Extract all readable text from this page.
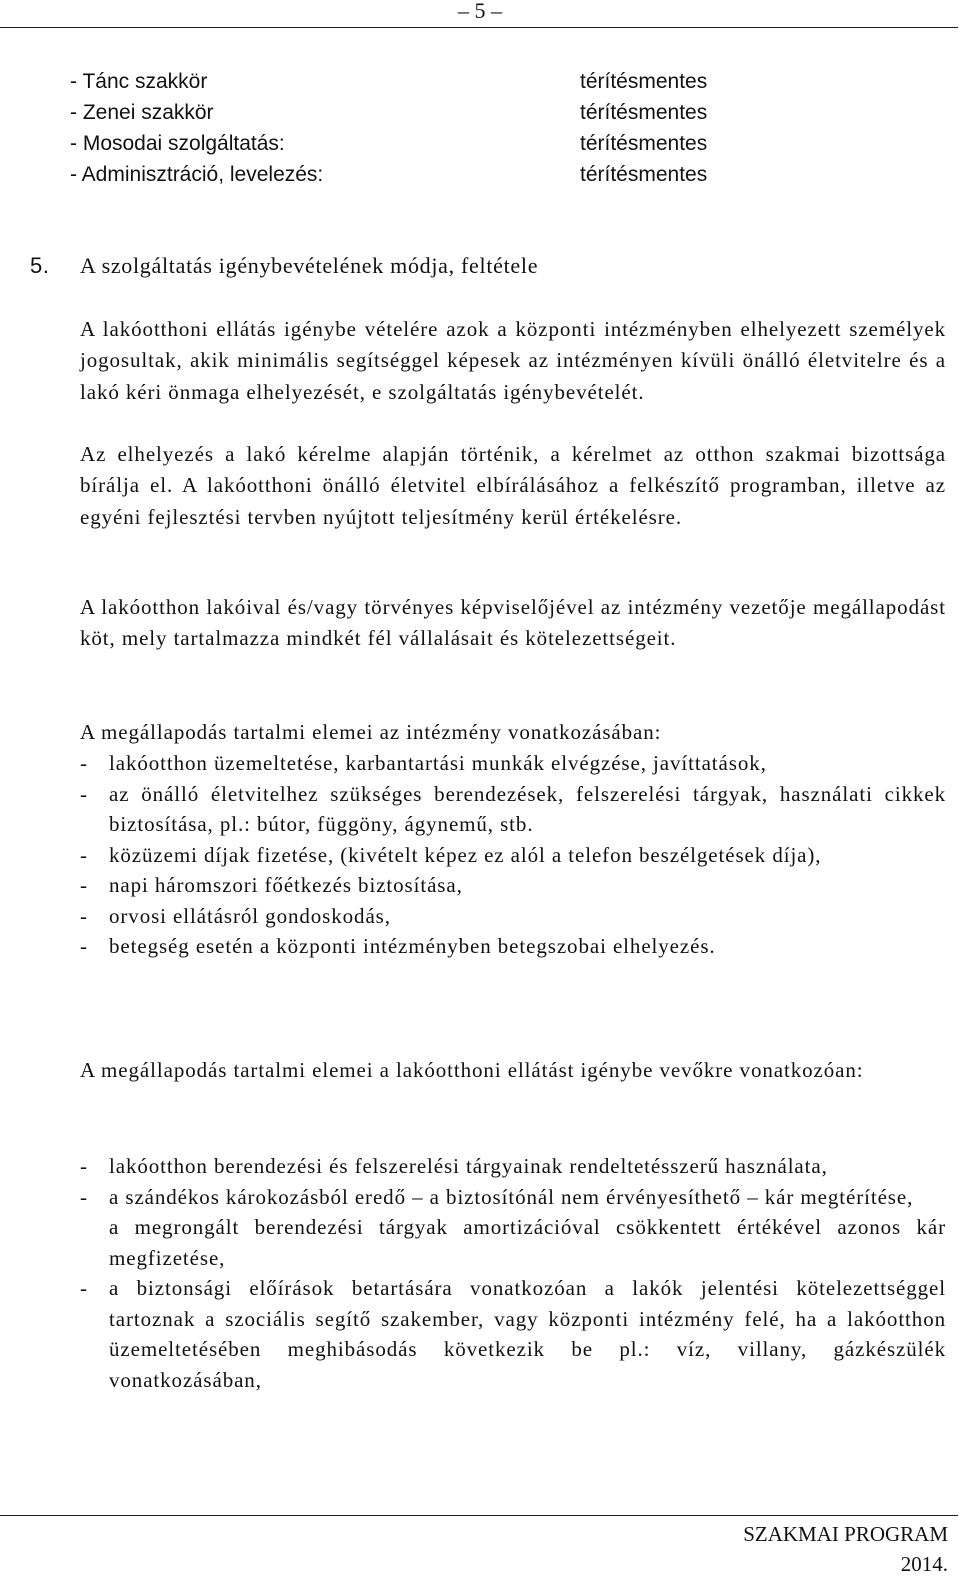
– 5 –
- Tánc szakkör	térítésmentes
- Zenei szakkör	térítésmentes
- Mosodai szolgáltatás:	térítésmentes
- Adminisztráció, levelezés:	térítésmentes
5. A szolgáltatás igénybevételének módja, feltétele

A lakóotthoni ellátás igénybe vételére azok a központi intézményben elhelyezett személyek jogosultak, akik minimális segítséggel képesek az intézményen kívüli önálló életvitelre és a lakó kéri önmaga elhelyezését, e szolgáltatás igénybevételét.

Az elhelyezés a lakó kérelme alapján történik, a kérelmet az otthon szakmai bizottsága bírálja el. A lakóotthoni önálló életvitel elbírálásához a felkészítő programban, illetve az egyéni fejlesztési tervben nyújtott teljesítmény kerül értékelésre.

A lakóotthon lakóival és/vagy törvényes képviselőjével az intézmény vezetője megállapodást köt, mely tartalmazza mindkét fél vállalásait és kötelezettségeit.

A megállapodás tartalmi elemei az intézmény vonatkozásában:

- lakóotthon üzemeltetése, karbantartási munkák elvégzése, javíttatások,
- az önálló életvitelhez szükséges berendezések, felszerelési tárgyak, használati cikkek biztosítása, pl.: bútor, függöny, ágynemű, stb.
- közüzemi díjak fizetése, (kivételt képez ez alól a telefon beszélgetések díja),
- napi háromszori főétkezés biztosítása,
- orvosi ellátásról gondoskodás,
- betegség esetén a központi intézményben betegszobai elhelyezés.

A megállapodás tartalmi elemei a lakóotthoni ellátást igénybe vevőkre vonatkozóan:

- lakóotthon berendezési és felszerelési tárgyainak rendeltetésszerű használata,
- a szándékos károkozásból eredő – a biztosítónál nem érvényesíthető – kár megtérítése,
a megrongált berendezési tárgyak amortizációval csökkentett értékével azonos kár megfizetése,
- a biztonsági előírások betartására vonatkozóan a lakók jelentési kötelezettséggel tartoznak a szociális segítő szakember, vagy központi intézmény felé, ha a lakóotthon üzemeltetésében meghibásodás következik be pl.: víz, villany, gázkészülék vonatkozásában,
SZAKMAI PROGRAM
2014.
